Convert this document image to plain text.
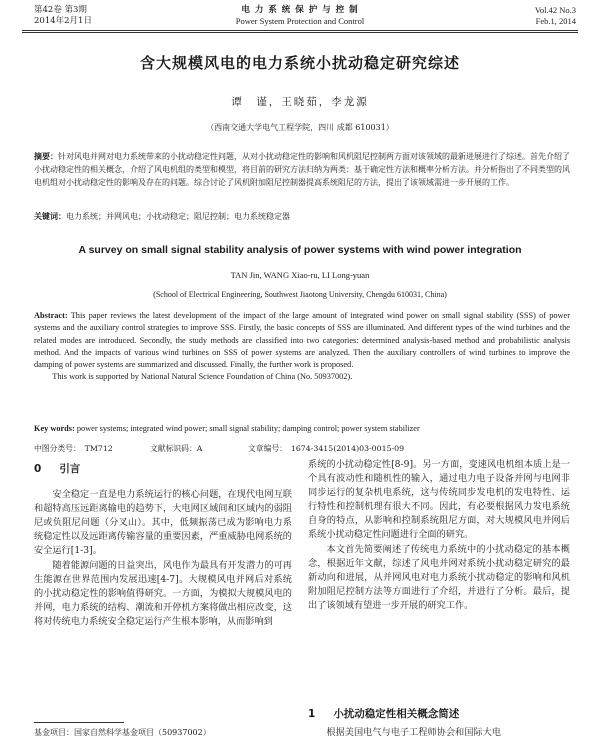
第42卷 第3期
2014年2月1日
电 力 系 统 保 护 与 控 制
Power System Protection and Control
Vol.42 No.3
Feb.1, 2014
含大规模风电的电力系统小扰动稳定研究综述
谭　谨，王晓茹，李龙源
（西南交通大学电气工程学院，四川 成都 610031）
摘要：针对风电并网对电力系统带来的小扰动稳定性问题，从对小扰动稳定性的影响和风机阻尼控制两方面对该领域的最新进展进行了综述。首先介绍了小扰动稳定性的相关概念，介绍了风电机组的类型和模型，将目前的研究方法归纳为两类：基于确定性方法和概率分析方法。并分析指出了不同类型的风电机组对小扰动稳定性的影响及存在的问题。综合讨论了风机附加阻尼控制器提高系统阻尼的方法，提出了该领域需进一步开展的工作。
关键词：电力系统；并网风电；小扰动稳定；阻尼控制；电力系统稳定器
A survey on small signal stability analysis of power systems with wind power integration
TAN Jin, WANG Xiao-ru, LI Long-yuan
(School of Electrical Engineering, Southwest Jiaotong University, Chengdu 610031, China)
Abstract: This paper reviews the latest development of the impact of the large amount of integrated wind power on small signal stability (SSS) of power systems and the auxiliary control strategies to improve SSS. Firstly, the basic concepts of SSS are illuminated. And different types of the wind turbines and the related modes are introduced. Secondly, the study methods are classified into two categories: determined analysis-based method and probabilistic analysis method. And the impacts of various wind turbines on SSS of power systems are analyzed. Then the auxiliary controllers of wind turbines to improve the damping of power systems are summarized and discussed. Finally, the further work is proposed.
This work is supported by National Natural Science Foundation of China (No. 50937002).
Key words: power systems; integrated wind power; small signal stability; damping control; power system stabilizer
中图分类号：　TM712	文献标识码：A	文章编号：　1674-3415(2014)03-0015-09
0 引言

安全稳定一直是电力系统运行的核心问题，在现代电网互联和超特高压远距离输电的趋势下，大电网区域间和区域内的弱阻尼或负阻尼问题（分叉山）。其中，低频振荡已成为影响电力系统稳定性以及远距离传输容量的重要因素，严重威胁电网系统的安全运行[1-3]。

随着能源问题的日益突出，风电作为最具有开发潜力的可再生能源在世界范围内发展迅速[4-7]。大规模风电并网后对系统的小扰动稳定性的影响值得研究。一方面，为模拟大规模风电的并网，电力系统的结构、潮流和开停机方案将做出相应改变，这将对传统电力系统安全稳定运行产生根本影响，从而影响到

系统的小扰动稳定性[8-9]。另一方面，变速风电机组本质上是一个具有波动性和随机性的输入，通过电力电子设备并网与电网非同步运行的复杂机电系统，这与传统同步发电机的发电特性、运行特性和控制机理有很大不同。因此，有必要根据风力发电系统自身的特点，从影响和控制系统阻尼方面，对大规模风电并网后系统小扰动稳定性问题进行全面的研究。

本文首先简要阐述了传统电力系统中的小扰动稳定的基本概念，根据近年文献，综述了风电并网对系统小扰动稳定研究的最新动向和进展，从并网风电对电力系统小扰动稳定的影响和风机附加阻尼控制方法等方面进行了介绍，并进行了分析。最后，提出了该领域有望进一步开展的研究工作。

1 小扰动稳定性相关概念简述

根据美国电气与电子工程师协会和国际大电

基金项目：国家自然科学基金项目（50937002）
